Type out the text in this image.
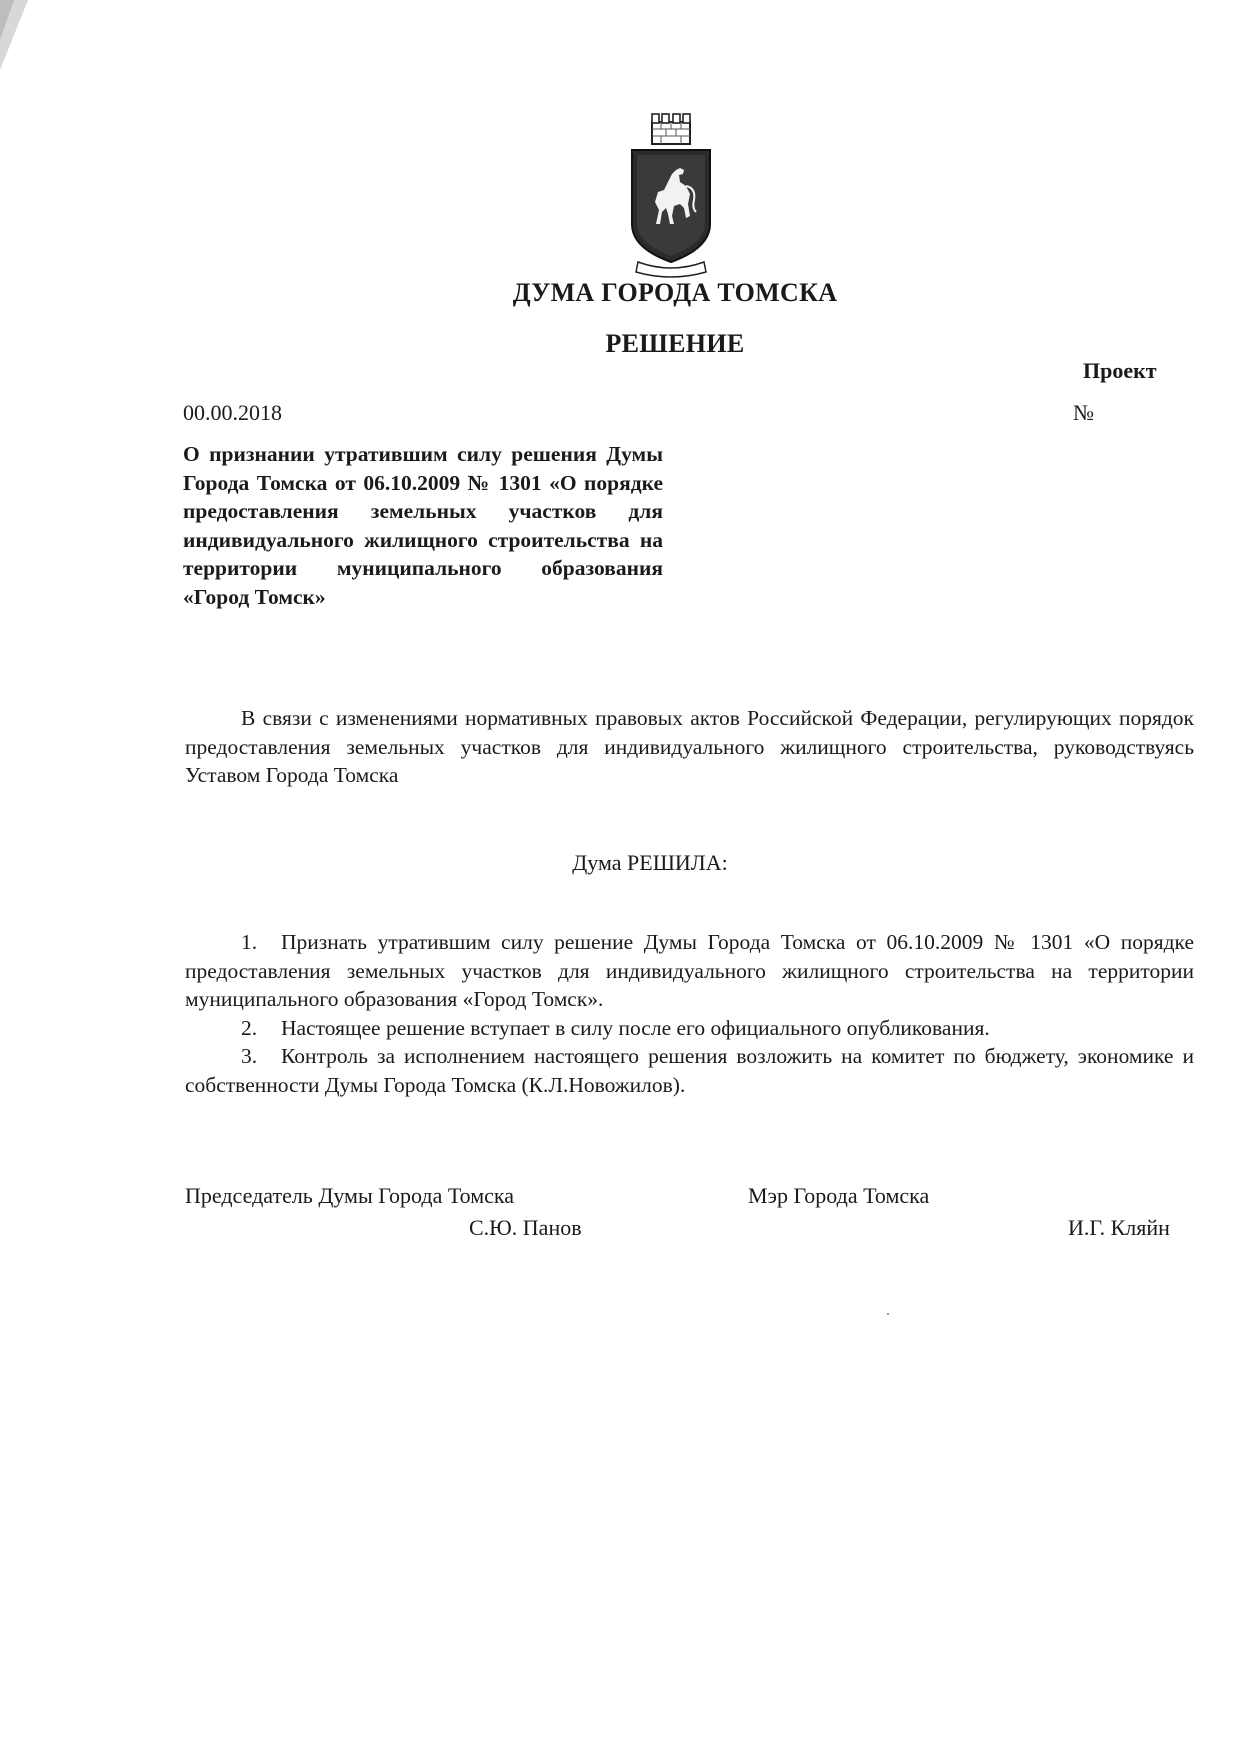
ДУМА ГОРОДА ТОМСКА
РЕШЕНИЕ
Проект
00.00.2018	№
О признании утратившим силу решения Думы Города Томска от 06.10.2009 № 1301 «О порядке предоставления земельных участков для индивидуального жилищного строительства на территории муниципального образования «Город Томск»
В связи с изменениями нормативных правовых актов Российской Федерации, регулирующих порядок предоставления земельных участков для индивидуального жилищного строительства, руководствуясь Уставом Города Томска
Дума РЕШИЛА:

1. Признать утратившим силу решение Думы Города Томска от 06.10.2009 № 1301 «О порядке предоставления земельных участков для индивидуального жилищного строительства на территории муниципального образования «Город Томск».

2. Настоящее решение вступает в силу после его официального опубликования.

3. Контроль за исполнением настоящего решения возложить на комитет по бюджету, экономике и собственности Думы Города Томска (К.Л.Новожилов).

Председатель Думы Города Томска
С.Ю. Панов
Мэр Города Томска
И.Г. Кляйн
